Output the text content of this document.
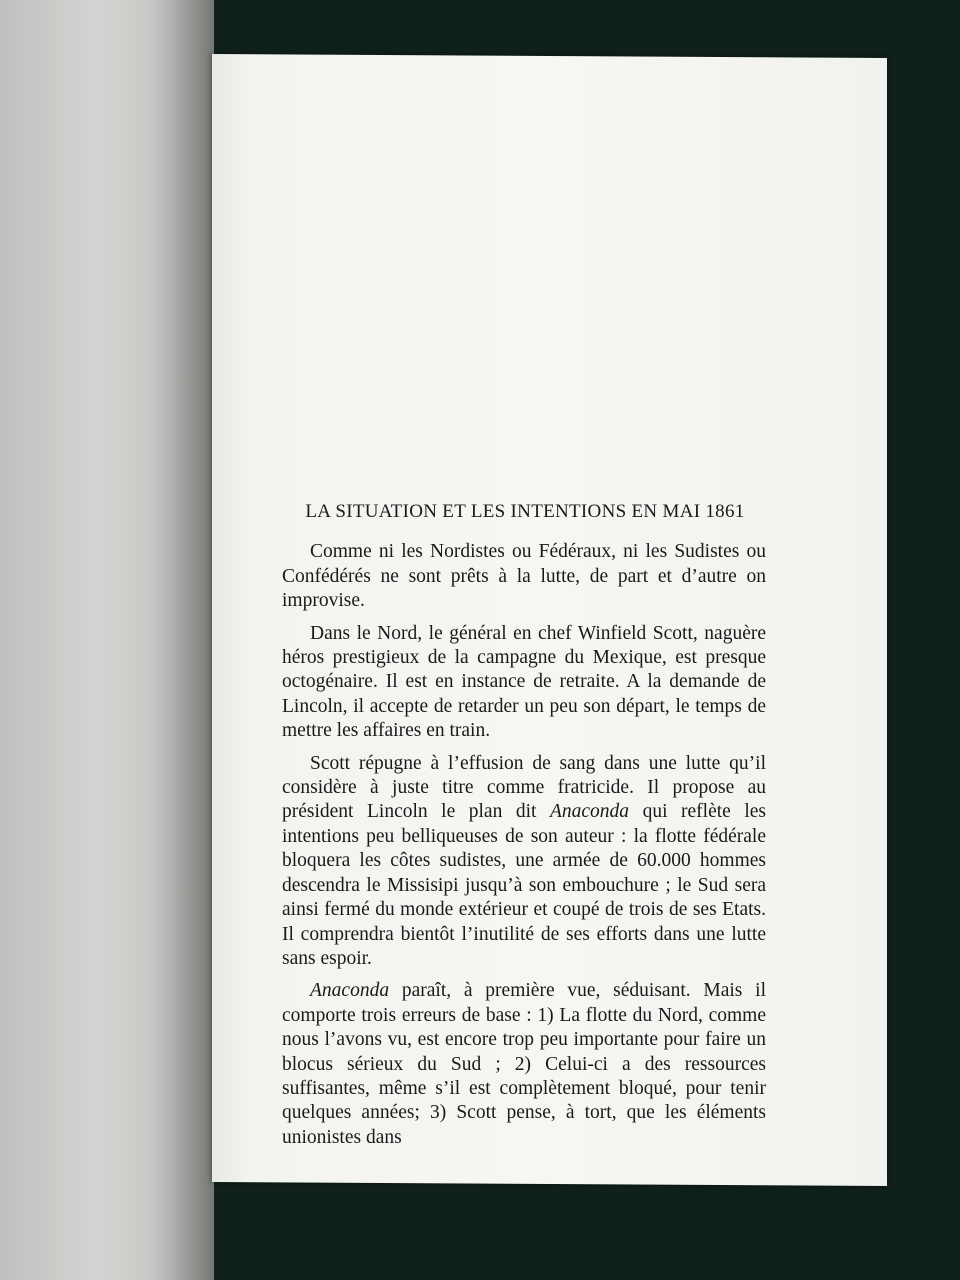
LA SITUATION ET LES INTENTIONS EN MAI 1861

Comme ni les Nordistes ou Fédéraux, ni les Sudistes ou Confédérés ne sont prêts à la lutte, de part et d’autre on improvise.

Dans le Nord, le général en chef Winfield Scott, naguère héros prestigieux de la campagne du Mexique, est presque octogénaire. Il est en instance de retraite. A la demande de Lincoln, il accepte de retarder un peu son départ, le temps de mettre les affaires en train.

Scott répugne à l’effusion de sang dans une lutte qu’il considère à juste titre comme fratricide. Il propose au président Lincoln le plan dit Anaconda qui reflète les intentions peu belliqueuses de son auteur : la flotte fédérale bloquera les côtes sudistes, une armée de 60.000 hommes descendra le Missisipi jusqu’à son embouchure ; le Sud sera ainsi fermé du monde extérieur et coupé de trois de ses Etats. Il comprendra bientôt l’inutilité de ses efforts dans une lutte sans espoir.

Anaconda paraît, à première vue, séduisant. Mais il comporte trois erreurs de base : 1) La flotte du Nord, comme nous l’avons vu, est encore trop peu importante pour faire un blocus sérieux du Sud ; 2) Celui-ci a des ressources suffisantes, même s’il est complètement bloqué, pour tenir quelques années; 3) Scott pense, à tort, que les éléments unionistes dans
